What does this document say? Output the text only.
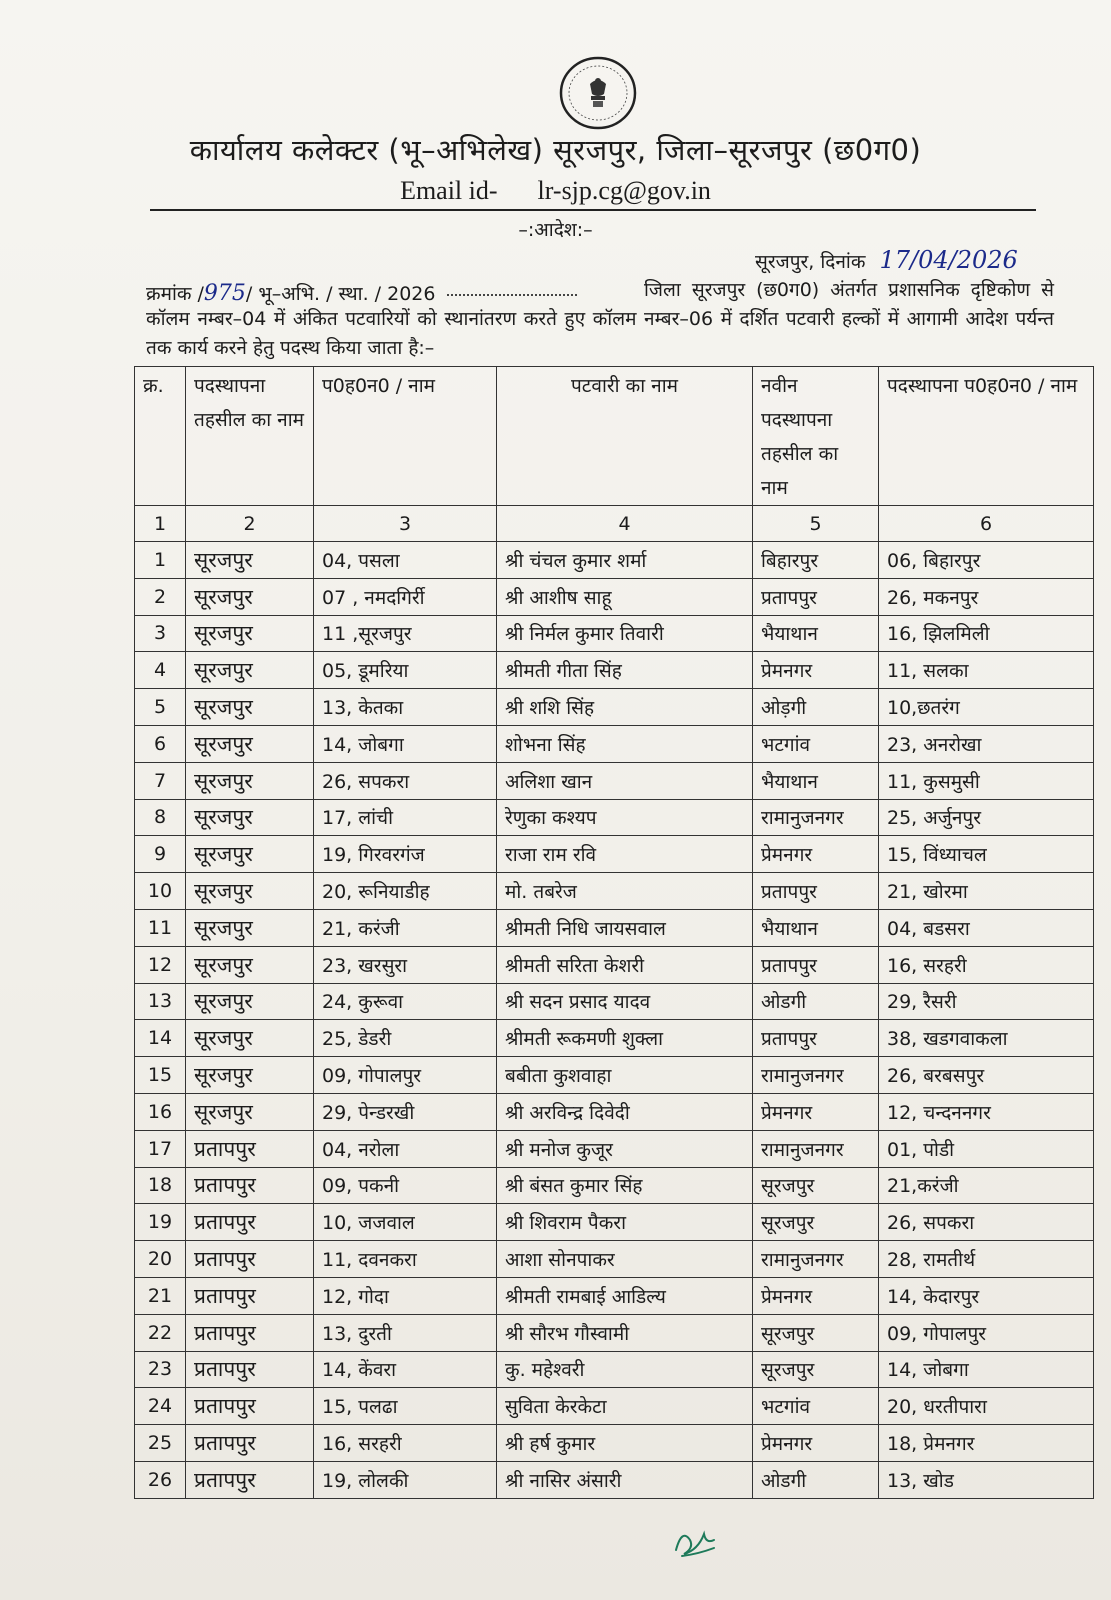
कार्यालय कलेक्टर (भू–अभिलेख) सूरजपुर, जिला–सूरजपुर (छ0ग0)
Email id- lr-sjp.cg@gov.in
–:आदेश:–
सूरजपुर, दिनांक 17/04/2026
क्रमांक /975/ भू–अभि. / स्था. / 2026	जिला सूरजपुर (छ0ग0) अंतर्गत प्रशासनिक दृष्टिकोण से कॉलम नम्बर–04 में अंकित पटवारियों को स्थानांतरण करते हुए कॉलम नम्बर–06 में दर्शित पटवारी हल्कों में आगामी आदेश पर्यन्त तक कार्य करने हेतु पदस्थ किया जाता है:–
क्र.	पदस्थापना तहसील का नाम	प0ह0न0 / नाम	पटवारी का नाम	नवीन पदस्थापना तहसील का नाम	पदस्थापना प0ह0न0 / नाम
1	2	3	4	5	6
1	सूरजपुर	04, पसला	श्री चंचल कुमार शर्मा	बिहारपुर	06, बिहारपुर
2	सूरजपुर	07 , नमदगिर्री	श्री आशीष साहू	प्रतापपुर	26, मकनपुर
3	सूरजपुर	11 ,सूरजपुर	श्री निर्मल कुमार तिवारी	भैयाथान	16, झिलमिली
4	सूरजपुर	05, डूमरिया	श्रीमती गीता सिंह	प्रेमनगर	11, सलका
5	सूरजपुर	13, केतका	श्री शशि सिंह	ओड़गी	10,छतरंग
6	सूरजपुर	14, जोबगा	शोभना सिंह	भटगांव	23, अनरोखा
7	सूरजपुर	26, सपकरा	अलिशा खान	भैयाथान	11, कुसमुसी
8	सूरजपुर	17, लांची	रेणुका कश्यप	रामानुजनगर	25, अर्जुनपुर
9	सूरजपुर	19, गिरवरगंज	राजा राम रवि	प्रेमनगर	15, विंध्याचल
10	सूरजपुर	20, रूनियाडीह	मो. तबरेज	प्रतापपुर	21, खोरमा
11	सूरजपुर	21, करंजी	श्रीमती निधि जायसवाल	भैयाथान	04, बडसरा
12	सूरजपुर	23, खरसुरा	श्रीमती सरिता केशरी	प्रतापपुर	16, सरहरी
13	सूरजपुर	24, कुरूवा	श्री सदन प्रसाद यादव	ओडगी	29, रैसरी
14	सूरजपुर	25, डेडरी	श्रीमती रूकमणी शुक्ला	प्रतापपुर	38, खडगवाकला
15	सूरजपुर	09, गोपालपुर	बबीता कुशवाहा	रामानुजनगर	26, बरबसपुर
16	सूरजपुर	29, पेन्डरखी	श्री अरविन्द्र दिवेदी	प्रेमनगर	12, चन्दननगर
17	प्रतापपुर	04, नरोला	श्री मनोज कुजूर	रामानुजनगर	01, पोडी
18	प्रतापपुर	09, पकनी	श्री बंसत कुमार सिंह	सूरजपुर	21,करंजी
19	प्रतापपुर	10, जजवाल	श्री शिवराम पैकरा	सूरजपुर	26, सपकरा
20	प्रतापपुर	11, दवनकरा	आशा सोनपाकर	रामानुजनगर	28, रामतीर्थ
21	प्रतापपुर	12, गोदा	श्रीमती रामबाई आडिल्य	प्रेमनगर	14, केदारपुर
22	प्रतापपुर	13, दुरती	श्री सौरभ गौस्वामी	सूरजपुर	09, गोपालपुर
23	प्रतापपुर	14, केंवरा	कु. महेश्वरी	सूरजपुर	14, जोबगा
24	प्रतापपुर	15, पलढा	सुविता केरकेटा	भटगांव	20, धरतीपारा
25	प्रतापपुर	16, सरहरी	श्री हर्ष कुमार	प्रेमनगर	18, प्रेमनगर
26	प्रतापपुर	19, लोलकी	श्री नासिर अंसारी	ओडगी	13, खोड
